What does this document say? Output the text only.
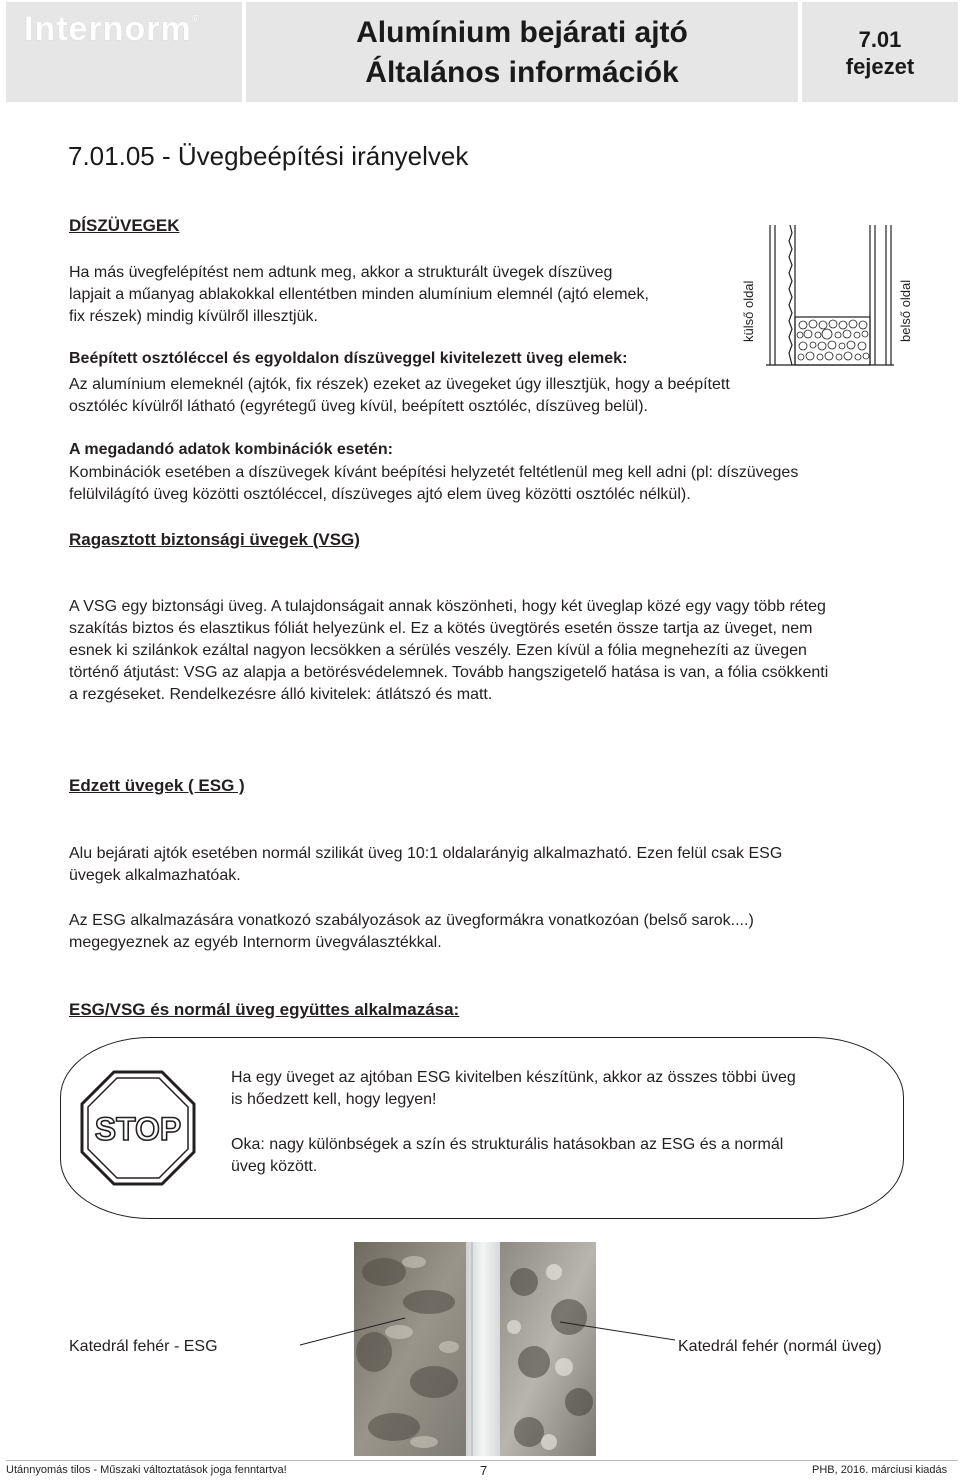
Internorm®	Alumínium bejárati ajtó
Általános információk
7.01
fejezet
7.01.05 - Üvegbeépítési irányelvek
DÍSZÜVEGEK
Ha más üvegfelépítést nem adtunk meg, akkor a strukturált üvegek díszüveg
lapjait a műanyag ablakokkal ellentétben minden alumínium elemnél (ajtó elemek,
fix részek) mindig kívülről illesztjük.	külső oldal	belső oldal
Beépített osztóléccel és egyoldalon díszüveggel kivitelezett üveg elemek:
Az alumínium elemeknél (ajtók, fix részek) ezeket az üvegeket úgy illesztjük, hogy a beépített
osztóléc kívülről látható (egyrétegű üveg kívül, beépített osztóléc, díszüveg belül).
A megadandó adatok kombinációk esetén:
Kombinációk esetében a díszüvegek kívánt beépítési helyzetét feltétlenül meg kell adni (pl: díszüveges
felülvilágító üveg közötti osztóléccel, díszüveges ajtó elem üveg közötti osztóléc nélkül).
Ragasztott biztonsági üvegek (VSG)
A VSG egy biztonsági üveg. A tulajdonságait annak köszönheti, hogy két üveglap közé egy vagy több réteg
szakítás biztos és elasztikus fóliát helyezünk el. Ez a kötés üvegtörés esetén össze tartja az üveget, nem
esnek ki szilánkok ezáltal nagyon lecsökken a sérülés veszély. Ezen kívül a fólia megnehezíti az üvegen
történő átjutást: VSG az alapja a betörésvédelemnek. Tovább hangszigetelő hatása is van, a fólia csökkenti
a rezgéseket. Rendelkezésre álló kivitelek: átlátszó és matt.
Edzett üvegek ( ESG )
Alu bejárati ajtók esetében normál szilikát üveg 10:1 oldalarányig alkalmazható. Ezen felül csak ESG
üvegek alkalmazhatóak.
Az ESG alkalmazására vonatkozó szabályozások az üvegformákra vonatkozóan (belső sarok....)
megegyeznek az egyéb Internorm üvegválasztékkal.
ESG/VSG és normál üveg együttes alkalmazása:
STOP
Ha egy üveget az ajtóban ESG kivitelben készítünk, akkor az összes többi üveg
is hőedzett kell, hogy legyen!
Oka: nagy különbségek a szín és strukturális hatásokban az ESG és a normál
üveg között.
Katedrál fehér - ESG	Katedrál fehér (normál üveg)
Utánnyomás tilos - Műszaki változtatások joga fenntartva!	7	PHB, 2016. márciusi kiadás
